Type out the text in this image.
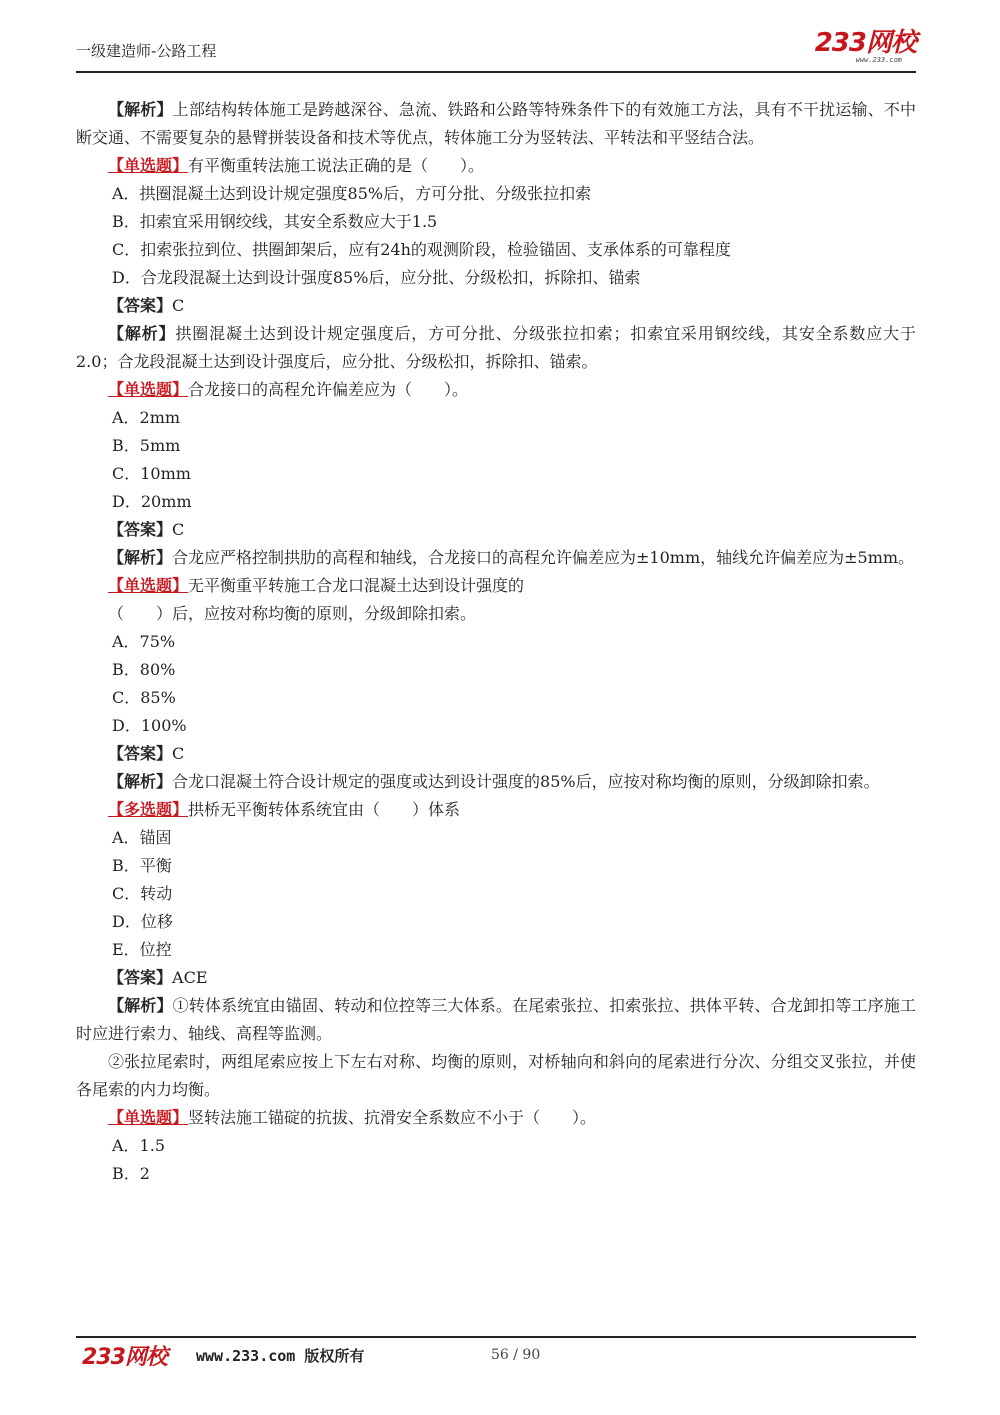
一级建造师-公路工程	233网校
www.233.com

【解析】上部结构转体施工是跨越深谷、急流、铁路和公路等特殊条件下的有效施工方法，具有不干扰运输、不中断交通、不需要复杂的悬臂拼装设备和技术等优点，转体施工分为竖转法、平转法和平竖结合法。

【单选题】有平衡重转法施工说法正确的是（　　）。

A．拱圈混凝土达到设计规定强度85%后，方可分批、分级张拉扣索

B．扣索宜采用钢绞线，其安全系数应大于1.5

C．扣索张拉到位、拱圈卸架后，应有24h的观测阶段，检验锚固、支承体系的可靠程度

D．合龙段混凝土达到设计强度85%后，应分批、分级松扣，拆除扣、锚索

【答案】C

【解析】拱圈混凝土达到设计规定强度后，方可分批、分级张拉扣索；扣索宜采用钢绞线，其安全系数应大于2.0；合龙段混凝土达到设计强度后，应分批、分级松扣，拆除扣、锚索。

【单选题】合龙接口的高程允许偏差应为（　　）。

A．2mm

B．5mm

C．10mm

D．20mm

【答案】C

【解析】合龙应严格控制拱肋的高程和轴线，合龙接口的高程允许偏差应为±10mm，轴线允许偏差应为±5mm。

【单选题】无平衡重平转施工合龙口混凝土达到设计强度的

（　　）后，应按对称均衡的原则，分级卸除扣索。

A．75%

B．80%

C．85%

D．100%

【答案】C

【解析】合龙口混凝土符合设计规定的强度或达到设计强度的85%后，应按对称均衡的原则，分级卸除扣索。

【多选题】拱桥无平衡转体系统宜由（　　）体系

A．锚固

B．平衡

C．转动

D．位移

E．位控

【答案】ACE

【解析】①转体系统宜由锚固、转动和位控等三大体系。在尾索张拉、扣索张拉、拱体平转、合龙卸扣等工序施工时应进行索力、轴线、高程等监测。

②张拉尾索时，两组尾索应按上下左右对称、均衡的原则，对桥轴向和斜向的尾索进行分次、分组交叉张拉，并使各尾索的内力均衡。

【单选题】竖转法施工锚碇的抗拔、抗滑安全系数应不小于（　　）。

A．1.5

B．2

233网校 www.233.com 版权所有	56 / 90
